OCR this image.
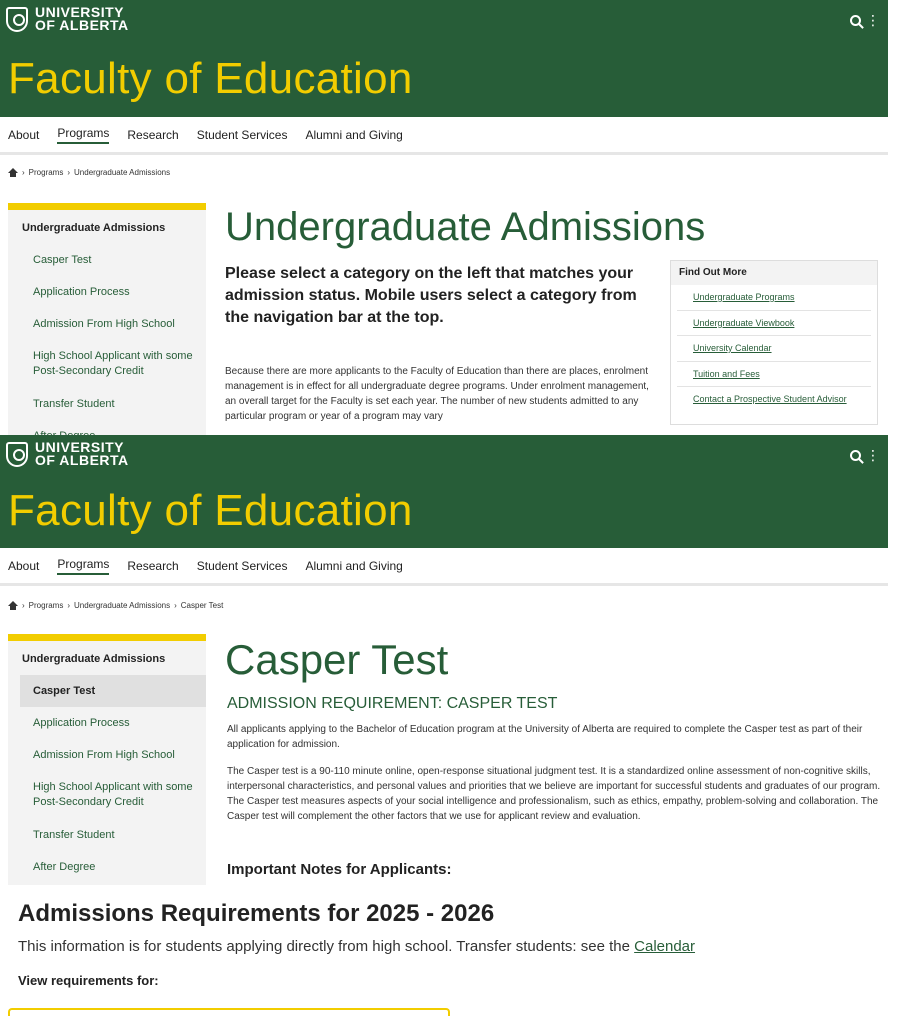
UNIVERSITY
OF ALBERTA	⋮
Faculty of Education
About Programs Research Student Services Alumni and Giving
› Programs › Undergraduate Admissions
Undergraduate Admissions
Casper Test
Application Process
Admission From High School
High School Applicant with some Post-Secondary Credit
Transfer Student
Undergraduate Admissions

Please select a category on the left that matches your admission status. Mobile users select a category from the navigation bar at the top.

Because there are more applicants to the Faculty of Education than there are places, enrolment management is in effect for all undergraduate degree programs. Under enrolment management, an overall target for the Faculty is set each year. The number of new students admitted to any particular program or year of a program may vary

Find Out More
Undergraduate Programs
Undergraduate Viewbook
University Calendar
Tuition and Fees
Contact a Prospective Student Advisor
UNIVERSITY
OF ALBERTA	⋮
Faculty of Education
About Programs Research Student Services Alumni and Giving
› Programs › Undergraduate Admissions › Casper Test
Undergraduate Admissions
Casper Test
Application Process
Admission From High School
High School Applicant with some Post-Secondary Credit
Transfer Student
After Degree
Casper Test
ADMISSION REQUIREMENT: CASPER TEST

All applicants applying to the Bachelor of Education program at the University of Alberta are required to complete the Casper test as part of their application for admission.

The Casper test is a 90-110 minute online, open-response situational judgment test. It is a standardized online assessment of non-cognitive skills, interpersonal characteristics, and personal values and priorities that we believe are important for successful students and graduates of our program. The Casper test measures aspects of your social intelligence and professionalism, such as ethics, empathy, problem-solving and collaboration. The Casper test will complement the other factors that we use for applicant review and evaluation.

Important Notes for Applicants:
Admissions Requirements for 2025 - 2026

This information is for students applying directly from high school. Transfer students: see the Calendar

View requirements for:
